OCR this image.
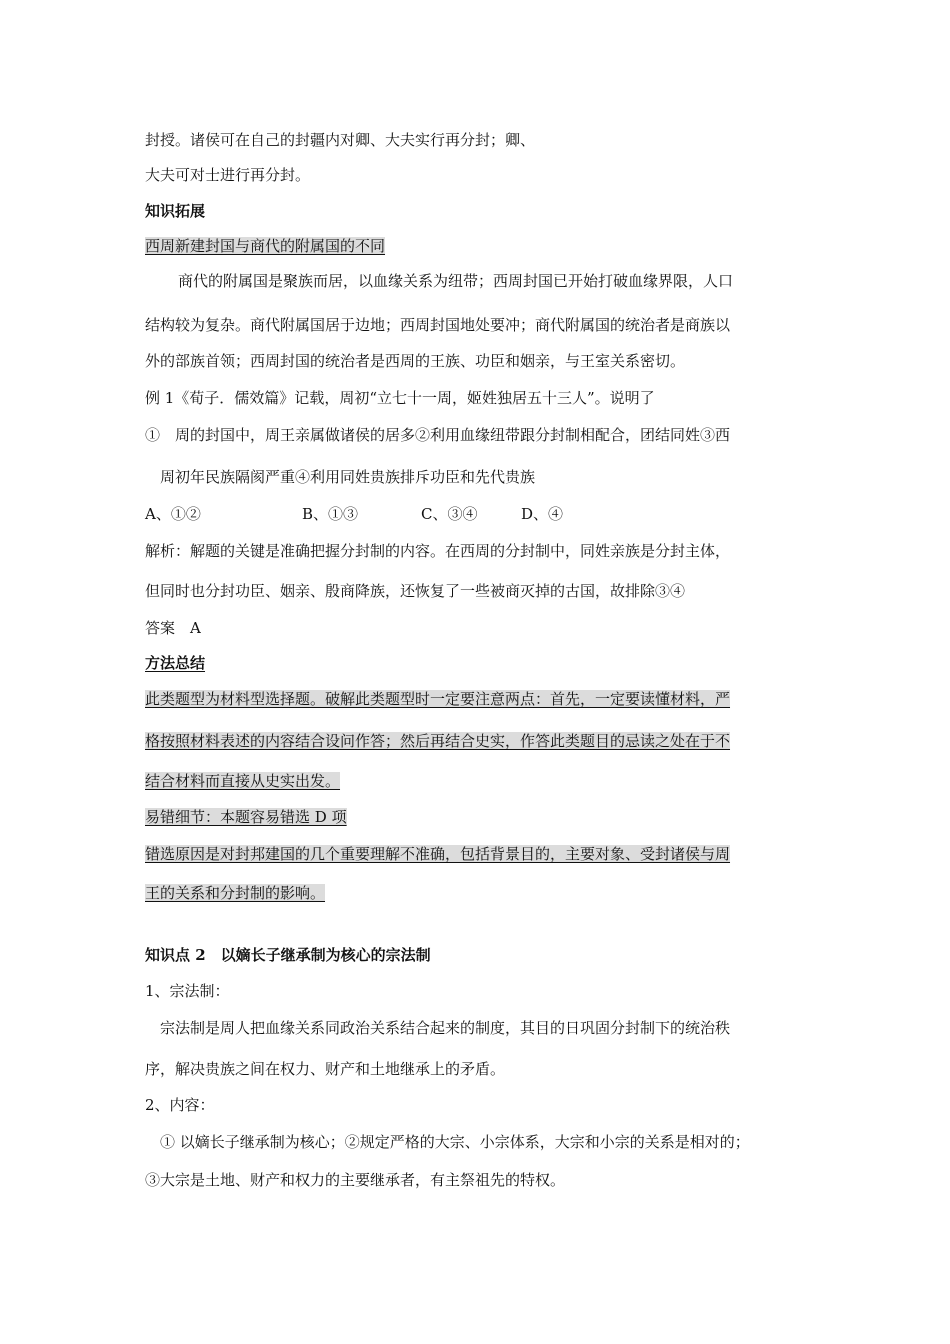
封授。诸侯可在自己的封疆内对卿、大夫实行再分封；卿、
大夫可对士进行再分封。
知识拓展
西周新建封国与商代的附属国的不同
商代的附属国是聚族而居，以血缘关系为纽带；西周封国已开始打破血缘界限，人口
结构较为复杂。商代附属国居于边地；西周封国地处要冲；商代附属国的统治者是商族以
外的部族首领；西周封国的统治者是西周的王族、功臣和姻亲，与王室关系密切。
例 1《荀子．儒效篇》记载，周初“立七十一周，姬姓独居五十三人”。说明了
①　周的封国中，周王亲属做诸侯的居多②利用血缘纽带跟分封制相配合，团结同姓③西
周初年民族隔阂严重④利用同姓贵族排斥功臣和先代贵族
A、①②	B、①③	C、③④	D、④
解析：解题的关键是准确把握分封制的内容。在西周的分封制中，同姓亲族是分封主体，
但同时也分封功臣、姻亲、殷商降族，还恢复了一些被商灭掉的古国，故排除③④
答案　A
方法总结
此类题型为材料型选择题。破解此类题型时一定要注意两点：首先，一定要读懂材料，严
格按照材料表述的内容结合设问作答；然后再结合史实，作答此类题目的忌读之处在于不
结合材料而直接从史实出发。
易错细节：本题容易错选 D 项
错选原因是对封邦建国的几个重要理解不准确，包括背景目的，主要对象、受封诸侯与周
王的关系和分封制的影响。
知识点 2　以嫡长子继承制为核心的宗法制
1、宗法制：
宗法制是周人把血缘关系同政治关系结合起来的制度，其目的日巩固分封制下的统治秩
序，解决贵族之间在权力、财产和土地继承上的矛盾。
2、内容：
① 以嫡长子继承制为核心；②规定严格的大宗、小宗体系，大宗和小宗的关系是相对的；
③大宗是土地、财产和权力的主要继承者，有主祭祖先的特权。
